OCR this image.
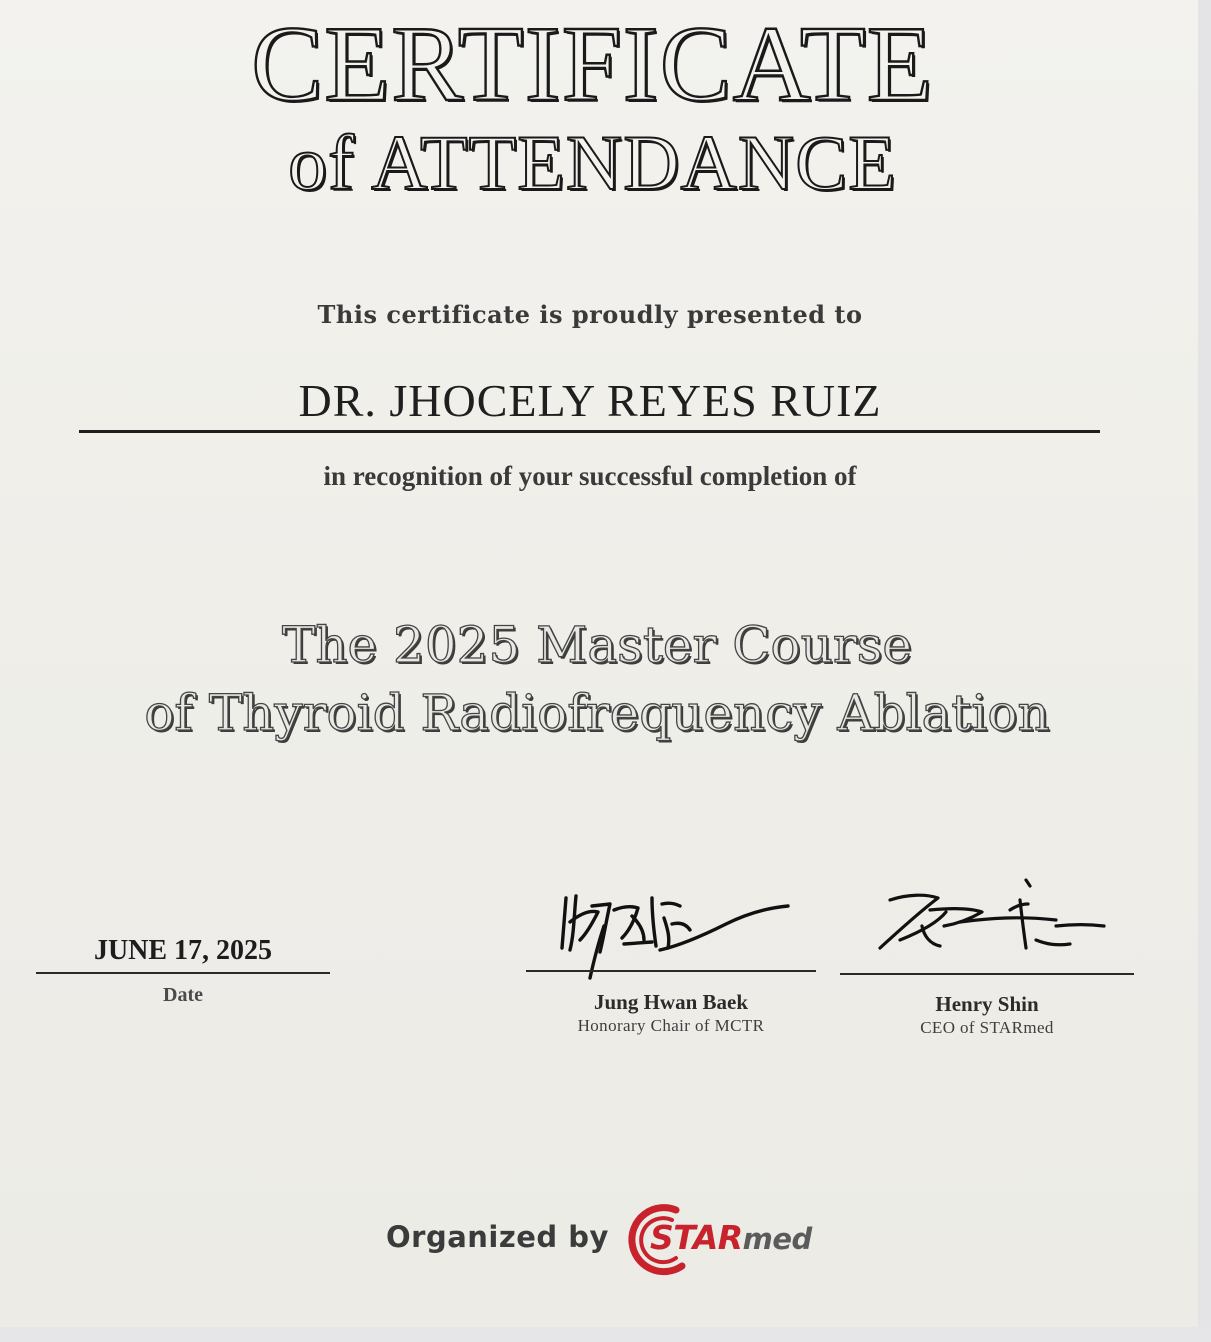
CERTIFICATE
of ATTENDANCE
This certificate is proudly presented to
DR. JHOCELY REYES RUIZ
in recognition of your successful completion of
The 2025 Master Course
of Thyroid Radiofrequency Ablation
JUNE 17, 2025
Date	Jung Hwan Baek
Honorary Chair of MCTR
Henry Shin
CEO of STARmed
Organized by STARmed
